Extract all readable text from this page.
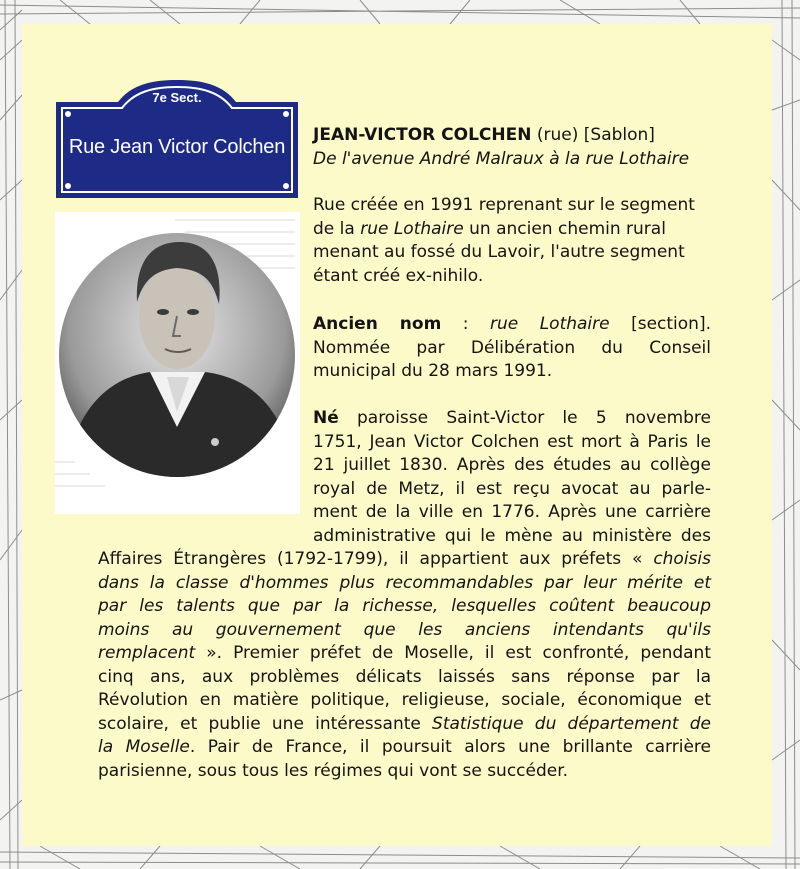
7e Sect.
Rue Jean Victor Colchen

JEAN-VICTOR COLCHEN (rue) [Sablon]

De l'avenue André Malraux à la rue Lothaire

Rue créée en 1991 reprenant sur le segment

de la rue Lothaire un ancien chemin rural

menant au fossé du Lavoir, l'autre segment

étant créé ex-nihilo.

Ancien nom : rue Lothaire [section].

Nommée par Délibération du Conseil

municipal du 28 mars 1991.

Né paroisse Saint-Victor le 5 novembre

1751, Jean Victor Colchen est mort à Paris le

21 juillet 1830. Après des études au collège

royal de Metz, il est reçu avocat au parle-

ment de la ville en 1776. Après une carrière

administrative qui le mène au ministère des

Affaires Étrangères (1792-1799), il appartient aux préfets « choisis

dans la classe d'hommes plus recommandables par leur mérite et

par les talents que par la richesse, lesquelles coûtent beaucoup

moins au gouvernement que les anciens intendants qu'ils

remplacent ». Premier préfet de Moselle, il est confronté, pendant

cinq ans, aux problèmes délicats laissés sans réponse par la

Révolution en matière politique, religieuse, sociale, économique et

scolaire, et publie une intéressante Statistique du département de

la Moselle. Pair de France, il poursuit alors une brillante carrière

parisienne, sous tous les régimes qui vont se succéder.
